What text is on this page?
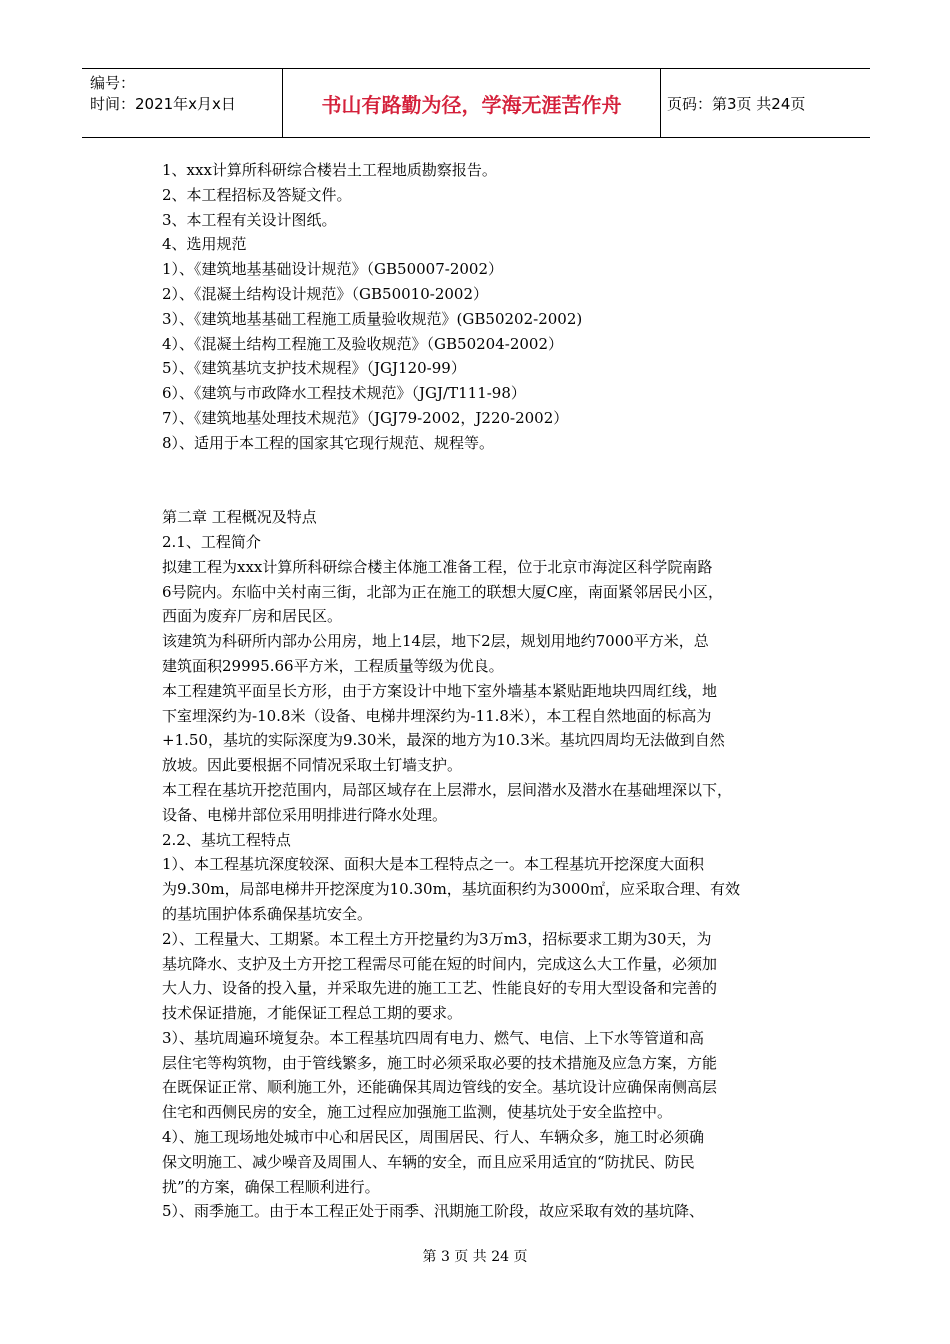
编号：
时间：2021年x月x日	书山有路勤为径，学海无涯苦作舟	页码：第3页 共24页

1、xxx计算所科研综合楼岩土工程地质勘察报告。

2、本工程招标及答疑文件。

3、本工程有关设计图纸。

4、选用规范

1）、《建筑地基基础设计规范》（GB50007-2002）

2）、《混凝土结构设计规范》（GB50010-2002）

3）、《建筑地基基础工程施工质量验收规范》(GB50202-2002)

4）、《混凝土结构工程施工及验收规范》（GB50204-2002）

5）、《建筑基坑支护技术规程》（JGJ120-99）

6）、《建筑与市政降水工程技术规范》（JGJ/T111-98）

7）、《建筑地基处理技术规范》（JGJ79-2002，J220-2002）

8）、适用于本工程的国家其它现行规范、规程等。

第二章 工程概况及特点

2.1、工程简介

拟建工程为xxx计算所科研综合楼主体施工准备工程，位于北京市海淀区科学院南路

6号院内。东临中关村南三街，北部为正在施工的联想大厦C座，南面紧邻居民小区，

西面为废弃厂房和居民区。

该建筑为科研所内部办公用房，地上14层，地下2层，规划用地约7000平方米，总

建筑面积29995.66平方米，工程质量等级为优良。

本工程建筑平面呈长方形，由于方案设计中地下室外墙基本紧贴距地块四周红线，地

下室埋深约为-10.8米（设备、电梯井埋深约为-11.8米），本工程自然地面的标高为

+1.50，基坑的实际深度为9.30米，最深的地方为10.3米。基坑四周均无法做到自然

放坡。因此要根据不同情况采取土钉墙支护。

本工程在基坑开挖范围内，局部区域存在上层滞水，层间潜水及潜水在基础埋深以下，

设备、电梯井部位采用明排进行降水处理。

2.2、基坑工程特点

1）、本工程基坑深度较深、面积大是本工程特点之一。本工程基坑开挖深度大面积

为9.30m，局部电梯井开挖深度为10.30m，基坑面积约为3000㎡，应采取合理、有效

的基坑围护体系确保基坑安全。

2）、工程量大、工期紧。本工程土方开挖量约为3万m3，招标要求工期为30天，为

基坑降水、支护及土方开挖工程需尽可能在短的时间内，完成这么大工作量，必须加

大人力、设备的投入量，并采取先进的施工工艺、性能良好的专用大型设备和完善的

技术保证措施，才能保证工程总工期的要求。

3）、基坑周遍环境复杂。本工程基坑四周有电力、燃气、电信、上下水等管道和高

层住宅等构筑物，由于管线繁多，施工时必须采取必要的技术措施及应急方案，方能

在既保证正常、顺利施工外，还能确保其周边管线的安全。基坑设计应确保南侧高层

住宅和西侧民房的安全，施工过程应加强施工监测，使基坑处于安全监控中。

4）、施工现场地处城市中心和居民区，周围居民、行人、车辆众多，施工时必须确

保文明施工、减少噪音及周围人、车辆的安全，而且应采用适宜的“防扰民、防民

扰”的方案，确保工程顺利进行。

5）、雨季施工。由于本工程正处于雨季、汛期施工阶段，故应采取有效的基坑降、

第 3 页 共 24 页
